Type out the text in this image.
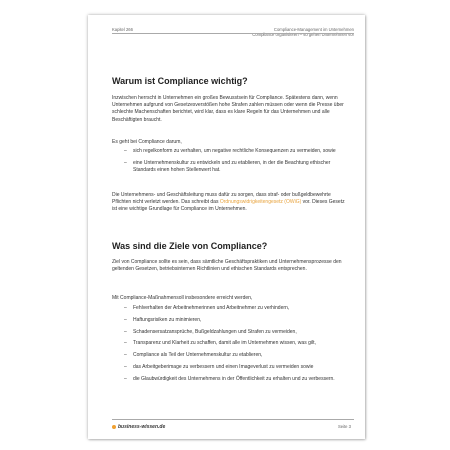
Kapitel 266	Compliance-Management im Unternehmen
Compliance organisieren – so gehen Unternehmen vor
Warum ist Compliance wichtig?
Inzwischen herrscht in Unternehmen ein großes Bewusstsein für Compliance. Spätestens dann, wenn Unternehmen aufgrund von Gesetzesverstößen hohe Strafen zahlen müssen oder wenn die Presse über schlechte Machenschaften berichtet, wird klar, dass es klare Regeln für das Unternehmen und alle Beschäftigten braucht.
Es geht bei Compliance darum,
– sich regelkonform zu verhalten, um negative rechtliche Konsequenzen zu vermeiden, sowie
– eine Unternehmenskultur zu entwickeln und zu etablieren, in der die Beachtung ethischer Standards einen hohen Stellenwert hat.
Die Unternehmens- und Geschäftsleitung muss dafür zu sorgen, dass straf- oder bußgeldbewehrte Pflichten nicht verletzt werden. Das schreibt das Ordnungswidrigkeitengesetz (OWiG) vor. Dieses Gesetz ist eine wichtige Grundlage für Compliance im Unternehmen.
Was sind die Ziele von Compliance?
Ziel von Compliance sollte es sein, dass sämtliche Geschäftspraktiken und Unternehmensprozesse den geltenden Gesetzen, betriebsinternen Richtlinien und ethischen Standards entsprechen.
Mit Compliance-Maßnahmensoll insbesondere erreicht werden,
– Fehlverhalten der Arbeitnehmerinnen und Arbeitnehmer zu verhindern,
– Haftungsrisiken zu minimieren,
– Schadensersatzansprüche, Bußgeldzahlungen und Strafen zu vermeiden,
– Transparenz und Klarheit zu schaffen, damit alle im Unternehmen wissen, was gilt,
– Compliance als Teil der Unternehmenskultur zu etablieren,
– das Arbeitgeberimage zu verbessern und einen Imageverlust zu vermeiden sowie
– die Glaubwürdigkeit des Unternehmens in der Öffentlichkeit zu erhalten und zu verbessern.
business-wissen.de	Seite 3
